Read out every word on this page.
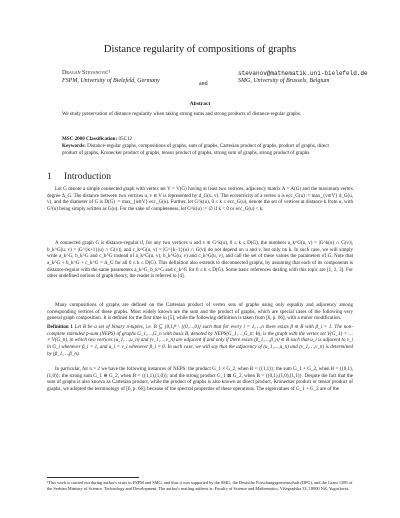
Distance regularity of compositions of graphs
Dragan Stevanović¹
FSPM, University of Bielefeld, Germany
and
stevanov@mathematik.uni-bielefeld.de
SMG, University of Brussels, Belgium
Abstract
We study preservation of distance regularity when taking strong sums and strong products of distance-regular graphs.
MSC 2000 Classification: 05C12
Keywords: Distance-regular graphs, compositions of graphs, sum of graphs, Cartesian product of graphs, product of graphs, direct product of graphs, Kronecker product of graphs, tensor product of graphs, strong sum of graphs, strong product of graphs.
1 Introduction
Let G denote a simple connected graph with vertex set V = V(G) having at least two vertices, adjacency matrix A = A(G) and the maximum vertex degree Δ_G. The distance between two vertices u, v ∈ V is represented by d_G(u, v). The eccentricity of a vertex u is ecc_G(u) := max_{v∈V} d_G(u, v), and the diameter of G is D(G) := max_{u∈V} ecc_G(u). Further, let G^k(u), 0 ≤ k ≤ ecc_G(u), denote the set of vertices at distance k from u, with G¹(u) being simply written as G(u). For the sake of completeness, let G^k(u) := ∅ if k < 0 or ecc_G(u) < k.
A connected graph G is distance-regular if, for any two vertices u and v ∈ G^k(u), 0 ≤ k ≤ D(G), the numbers a_k^G(u, v) = |G^k(u) ∩ G(v)|, b_k^G(u, v) = |G^{k+1}(u) ∩ G(v)|, and c_k^G(u, v) = |G^{k−1}(u) ∩ G(v)| do not depend on u and v, but only on k. In such case, we will simply write a_k^G, b_k^G and c_k^G instead of a_k^G(u, v), b_k^G(u, v) and c_k^G(u, v), and call the set of these values the parameters of G. Note that a_k^G + b_k^G + c_k^G = Δ_G for all 0 ≤ k ≤ D(G). This definition also extends to disconnected graphs, by assuming that each of its components is distance-regular with the same parameters a_k^G, b_k^G and c_k^G for 0 ≤ k ≤ D(G). Some basic references dealing with this topic are [1, 2, 3]. For other undefined notions of graph theory, the reader is referred to [4].
Many compositions of graphs are defined on the Cartesian product of vertex sets of graphs using only equality and adjacency among corresponding vertices of these graphs. Most widely known are the sum and the product of graphs, which are special cases of the following very general graph composition. It is defined for the first time in [5], while the following definition is taken from [6, p. 66], with a minor modification.
Definition 1 Let B be a set of binary n-tuples, i.e. B ⊆ {0,1}ⁿ \ {(0,…,0)} such that for every i = 1,…,n there exists β ∈ B with β_i = 1. The non-complete extended p-sum (NEPS) of graphs G_1,…,G_n with basis B, denoted by NEPS(G_1,…,G_n; B), is the graph with the vertex set V(G_1) × … × V(G_n), in which two vertices (u_1,…,u_n) and (v_1,…,v_n) are adjacent if and only if there exists (β_1,…,β_n) ∈ B such that u_i is adjacent to v_i in G_i whenever β_i = 1, and u_i = v_i whenever β_i = 0. In such case, we will say that the adjacency of (u_1,…,u_n) and (v_1,…,v_n) is determined by (β_1,…,β_n).
In particular, for n = 2 we have the following instances of NEPS: the product G_1 × G_2, when B = {(1,1)}; the sum G_1 + G_2, when B = {(0,1),(1,0)}; the strong sum G_1 ⊕ G_2, when B = {(1,1),(1,0)}; and the strong product G_1 ⊠ G_2, when B = {(0,1),(1,0),(1,1)}. Despite the fact that the sum of graphs is also known as Cartesian product, while the product of graphs is also known as direct product, Kronecker product or tensor product of graphs, we adopted the terminology of [6, p. 66], because of the spectral properties of these operations. The eigenvalues of G_1 + G_2 are of the
¹This work is carried out during author's visits to FSPM and SMG, and thus it was supported by the SMG, the Deutsche Forschungsgemeinschaft (DFG), and the Grant 1389 of the Serbian Ministry of Science, Technology and Development. The author's mailing address is: Faculty of Science and Mathematics, Višegradska 33, 18000 Niš, Yugoslavia.
